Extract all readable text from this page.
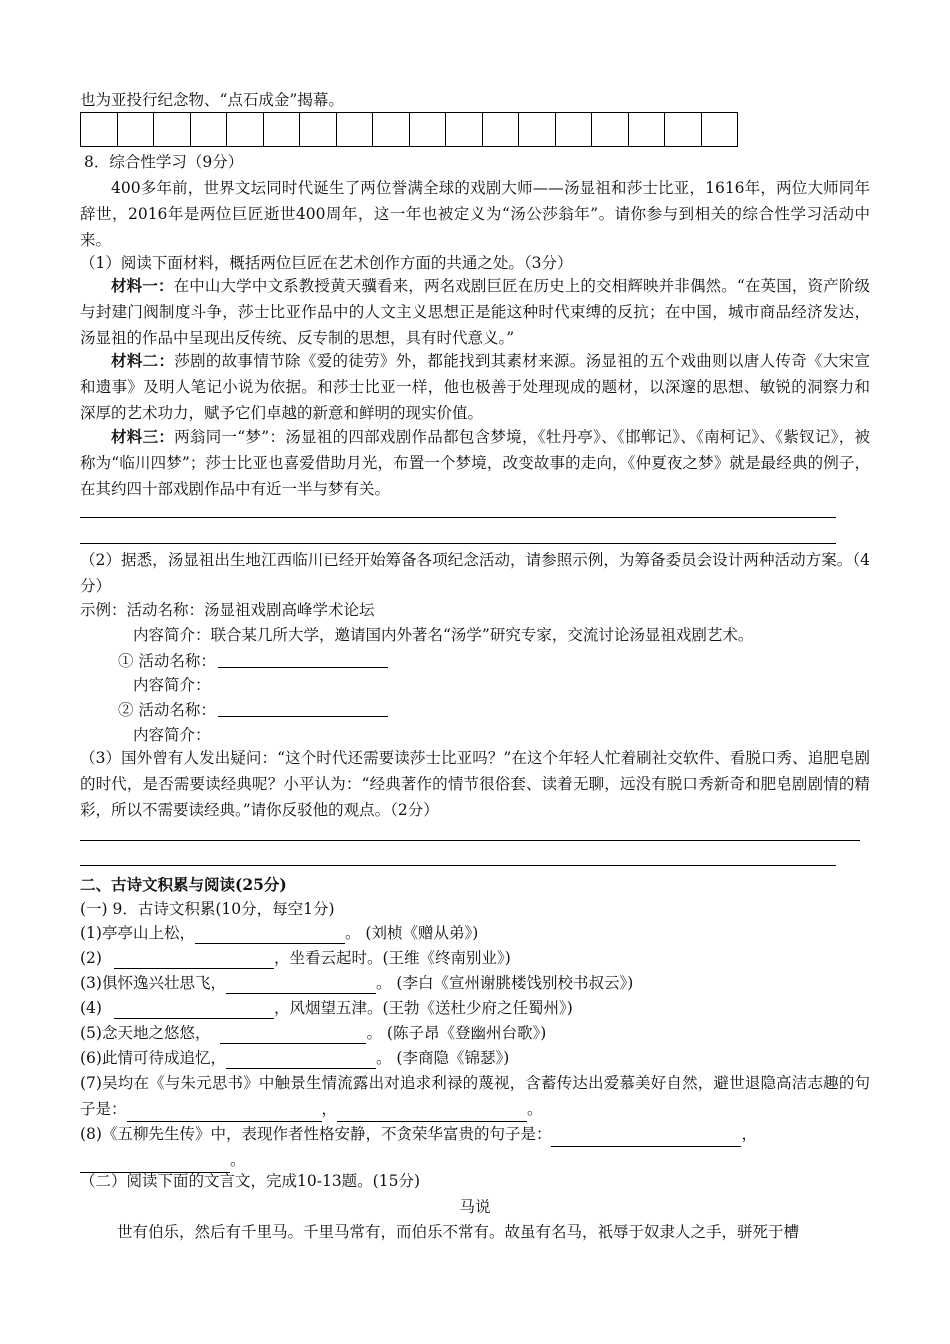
也为亚投行纪念物、“点石成金”揭幕。
8．综合性学习（9分）
400多年前，世界文坛同时代诞生了两位誉满全球的戏剧大师——汤显祖和莎士比亚，1616年，两位大师同年辞世，2016年是两位巨匠逝世400周年，这一年也被定义为“汤公莎翁年”。请你参与到相关的综合性学习活动中来。
（1）阅读下面材料，概括两位巨匠在艺术创作方面的共通之处。（3分）
材料一：在中山大学中文系教授黄天骥看来，两名戏剧巨匠在历史上的交相辉映并非偶然。“在英国，资产阶级与封建门阀制度斗争，莎士比亚作品中的人文主义思想正是能这种时代束缚的反抗；在中国，城市商品经济发达，汤显祖的作品中呈现出反传统、反专制的思想，具有时代意义。”
材料二：莎剧的故事情节除《爱的徒劳》外，都能找到其素材来源。汤显祖的五个戏曲则以唐人传奇《大宋宣和遗事》及明人笔记小说为依据。和莎士比亚一样，他也极善于处理现成的题材，以深邃的思想、敏锐的洞察力和深厚的艺术功力，赋予它们卓越的新意和鲜明的现实价值。
材料三：两翁同一“梦”：汤显祖的四部戏剧作品都包含梦境，《牡丹亭》、《邯郸记》、《南柯记》、《紫钗记》，被称为“临川四梦”；莎士比亚也喜爱借助月光，布置一个梦境，改变故事的走向，《仲夏夜之梦》就是最经典的例子，在其约四十部戏剧作品中有近一半与梦有关。
（2）据悉，汤显祖出生地江西临川已经开始筹备各项纪念活动，请参照示例，为筹备委员会设计两种活动方案。（4分）
示例：活动名称：汤显祖戏剧高峰学术论坛
内容简介：联合某几所大学，邀请国内外著名“汤学”研究专家，交流讨论汤显祖戏剧艺术。
① 活动名称：
内容简介：
② 活动名称：
内容简介：
（3）国外曾有人发出疑问：“这个时代还需要读莎士比亚吗？”在这个年轻人忙着刷社交软件、看脱口秀、追肥皂剧的时代，是否需要读经典呢？小平认为：“经典著作的情节很俗套、读着无聊，远没有脱口秀新奇和肥皂剧剧情的精彩，所以不需要读经典。”请你反驳他的观点。（2分）
二、古诗文积累与阅读(25分)
(一) 9．古诗文积累(10分，每空1分)
(1)亭亭山上松，	。 (刘桢《赠从弟》)
(2)	，坐看云起时。(王维《终南别业》)
(3)俱怀逸兴壮思飞，	。 (李白《宣州谢朓楼饯别校书叔云》)
(4)	，风烟望五津。(王勃《送杜少府之任蜀州》)
(5)念天地之悠悠，	。 (陈子昂《登幽州台歌》)
(6)此情可待成追忆，	。 (李商隐《锦瑟》)
(7)吴均在《与朱元思书》中触景生情流露出对追求利禄的蔑视，含蓄传达出爱慕美好自然，避世退隐高洁志趣的句子是：	，	。
(8)《五柳先生传》中，表现作者性格安静，不贪荣华富贵的句子是：	，
。
（二）阅读下面的文言文，完成10-13题。(15分)
马说
世有伯乐，然后有千里马。千里马常有，而伯乐不常有。故虽有名马，祇辱于奴隶人之手，骈死于槽
